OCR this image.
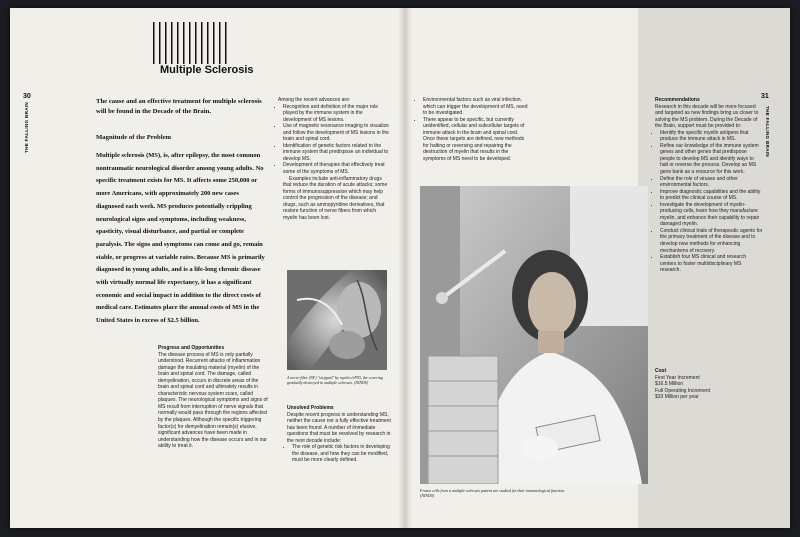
Multiple Sclerosis
30
THE FALLING BRAIN
31
THE FALLING BRAIN
The cause and an effective treatment for multiple sclerosis will be found in the Decade of the Brain.
Magnitude of the Problem
Multiple sclerosis (MS), is, after epilepsy, the most common nontraumatic neurological disorder among young adults. No specific treatment exists for MS. It affects some 250,000 or more Americans, with approximately 200 new cases diagnosed each week. MS produces potentially crippling neurological signs and symptoms, including weakness, spasticity, visual disturbance, and partial or complete paralysis. The signs and symptoms can come and go, remain stable, or progress at variable rates. Because MS is primarily diagnosed in young adults, and is a life-long chronic disease with virtually normal life expectancy, it has a significant economic and social impact in addition to the direct costs of medical care. Estimates place the annual costs of MS in the United States in excess of $2.5 billion.
Progress and Opportunities
The disease process of MS is only partially understood. Recurrent attacks of inflammation damage the insulating material (myelin) of the brain and spinal cord. The damage, called demyelination, occurs in discrete areas of the brain and spinal cord and ultimately results in characteristic nervous system scars, called plaques. The neurological symptoms and signs of MS result from interruption of nerve signals that normally would pass through the regions affected by the plaques. Although the specific triggering factor(s) for demyelination remain(s) elusive, significant advances have been made in understanding how the disease occurs and in our ability to treat it.
Among the recent advances are:
• Recognition and definition of the major role played by the immune system in the development of MS lesions.
• Use of magnetic resonance imaging to visualize and follow the development of MS lesions in the brain and spinal cord.
• Identification of genetic factors related to the immune system that predispose an individual to develop MS.
• Development of therapies that effectively treat some of the symptoms of MS.
Examples include anti-inflammatory drugs that reduce the duration of acute attacks; some forms of immunosuppression which may help control the progression of the disease; and drugs, such as aminopyridine derivatives, that restore function of nerve fibers from which myelin has been lost.
A nerve fiber (NF) "stripped" by myelin (rPN), the covering gradually destroyed in multiple sclerosis. (NINDS)
Unsolved Problems
Despite recent progress in understanding MS, neither the cause nor a fully effective treatment has been found. A number of immediate questions that must be resolved by research in the next decade include:
• The role of genetic risk factors in developing the disease, and how they can be modified, must be more clearly defined.
• Environmental factors such as viral infection, which can trigger the development of MS, need to be investigated.
• There appear to be specific, but currently unidentified, cellular and subcellular targets of immune attack in the brain and spinal cord. Once these targets are defined, new methods for halting or reversing and repairing the destruction of myelin that results in the symptoms of MS need to be developed.
Frozen cells from a multiple sclerosis patient are studied for their immunological function. (NINDS)
Recommendations
Research in this decade will be more focused and targeted as new findings bring us closer to solving the MS problem. During the Decade of the Brain, support must be provided to:
• Identify the specific myelin antigens that produce the immune attack in MS.
• Refine our knowledge of the immune system genes and other genes that predispose people to develop MS and identify ways to halt or reverse the process. Develop an MS gene bank as a resource for this work.
• Define the role of viruses and other environmental factors.
• Improve diagnostic capabilities and the ability to predict the clinical course of MS.
• Investigate the development of myelin-producing cells, learn how they manufacture myelin, and enhance their capability to repair damaged myelin.
• Conduct clinical trials of therapeutic agents for the primary treatment of the disease and to develop new methods for enhancing mechanisms of recovery.
• Establish four MS clinical and research centers to foster multidisciplinary MS research.
Cost
First Year Increment
$16.5 Million
Full Operating Increment
$33 Million per year
